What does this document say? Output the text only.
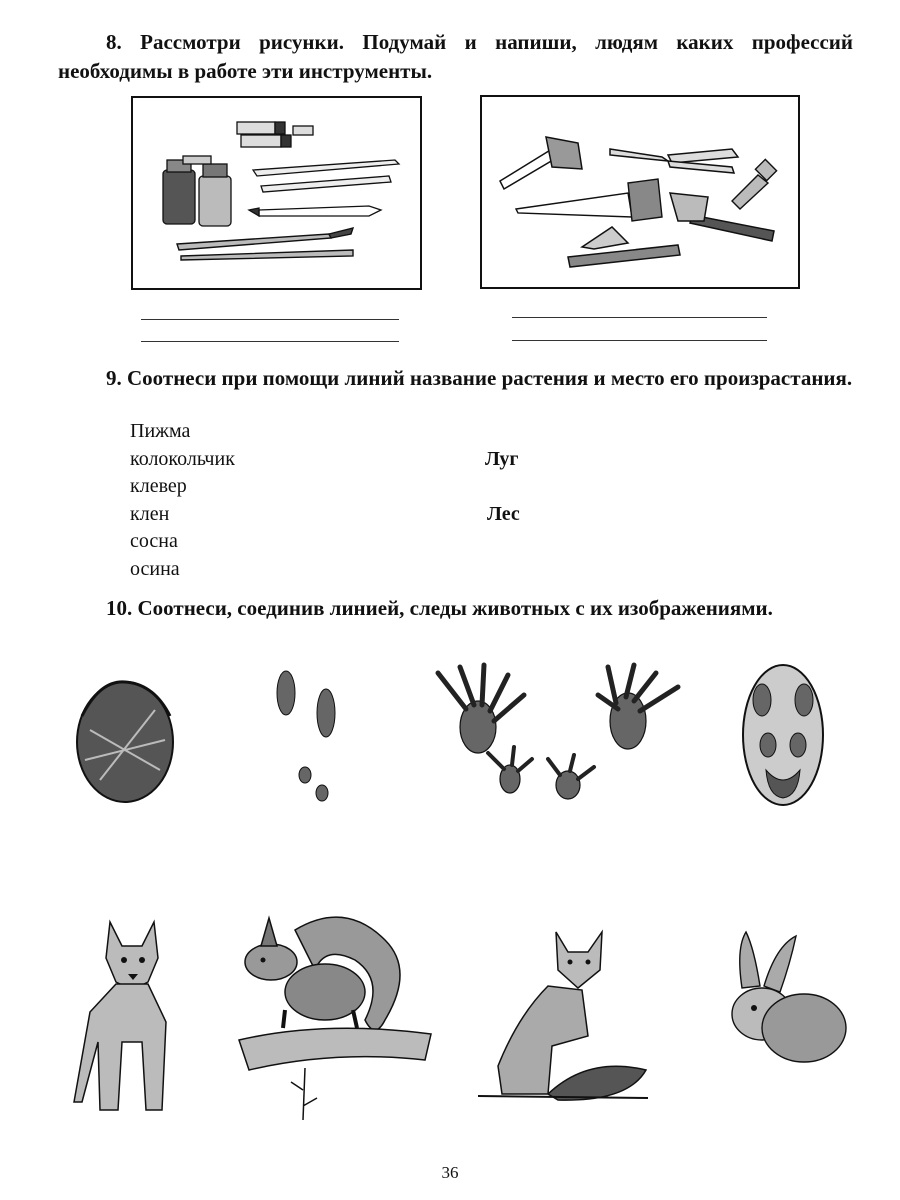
8. Рассмотри рисунки. Подумай и напиши, людям каких профессий необходимы в работе эти инструменты.
9. Соотнеси при помощи линий название растения и место его произрастания.
Пижма
колокольчик
клевер
клен
сосна
осина
Луг
Лес
10. Соотнеси, соединив линией, следы животных с их изображениями.
36
